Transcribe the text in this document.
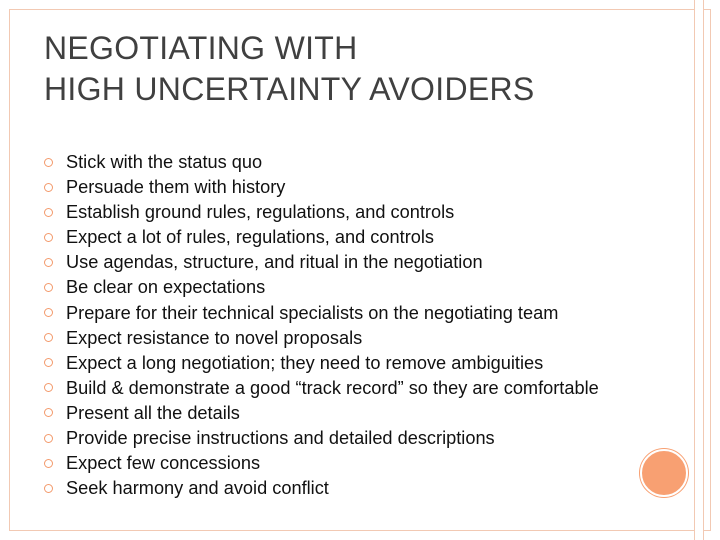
NEGOTIATING WITH
HIGH UNCERTAINTY AVOIDERS
Stick with the status quo
Persuade them with history
Establish ground rules, regulations, and controls
Expect a lot of rules, regulations, and controls
Use agendas, structure, and ritual in the negotiation
Be clear on expectations
Prepare for their technical specialists on the negotiating team
Expect resistance to novel proposals
Expect a long negotiation; they need to remove ambiguities
Build & demonstrate a good “track record” so they are comfortable
Present all the details
Provide precise instructions and detailed descriptions
Expect few concessions
Seek harmony and avoid conflict
